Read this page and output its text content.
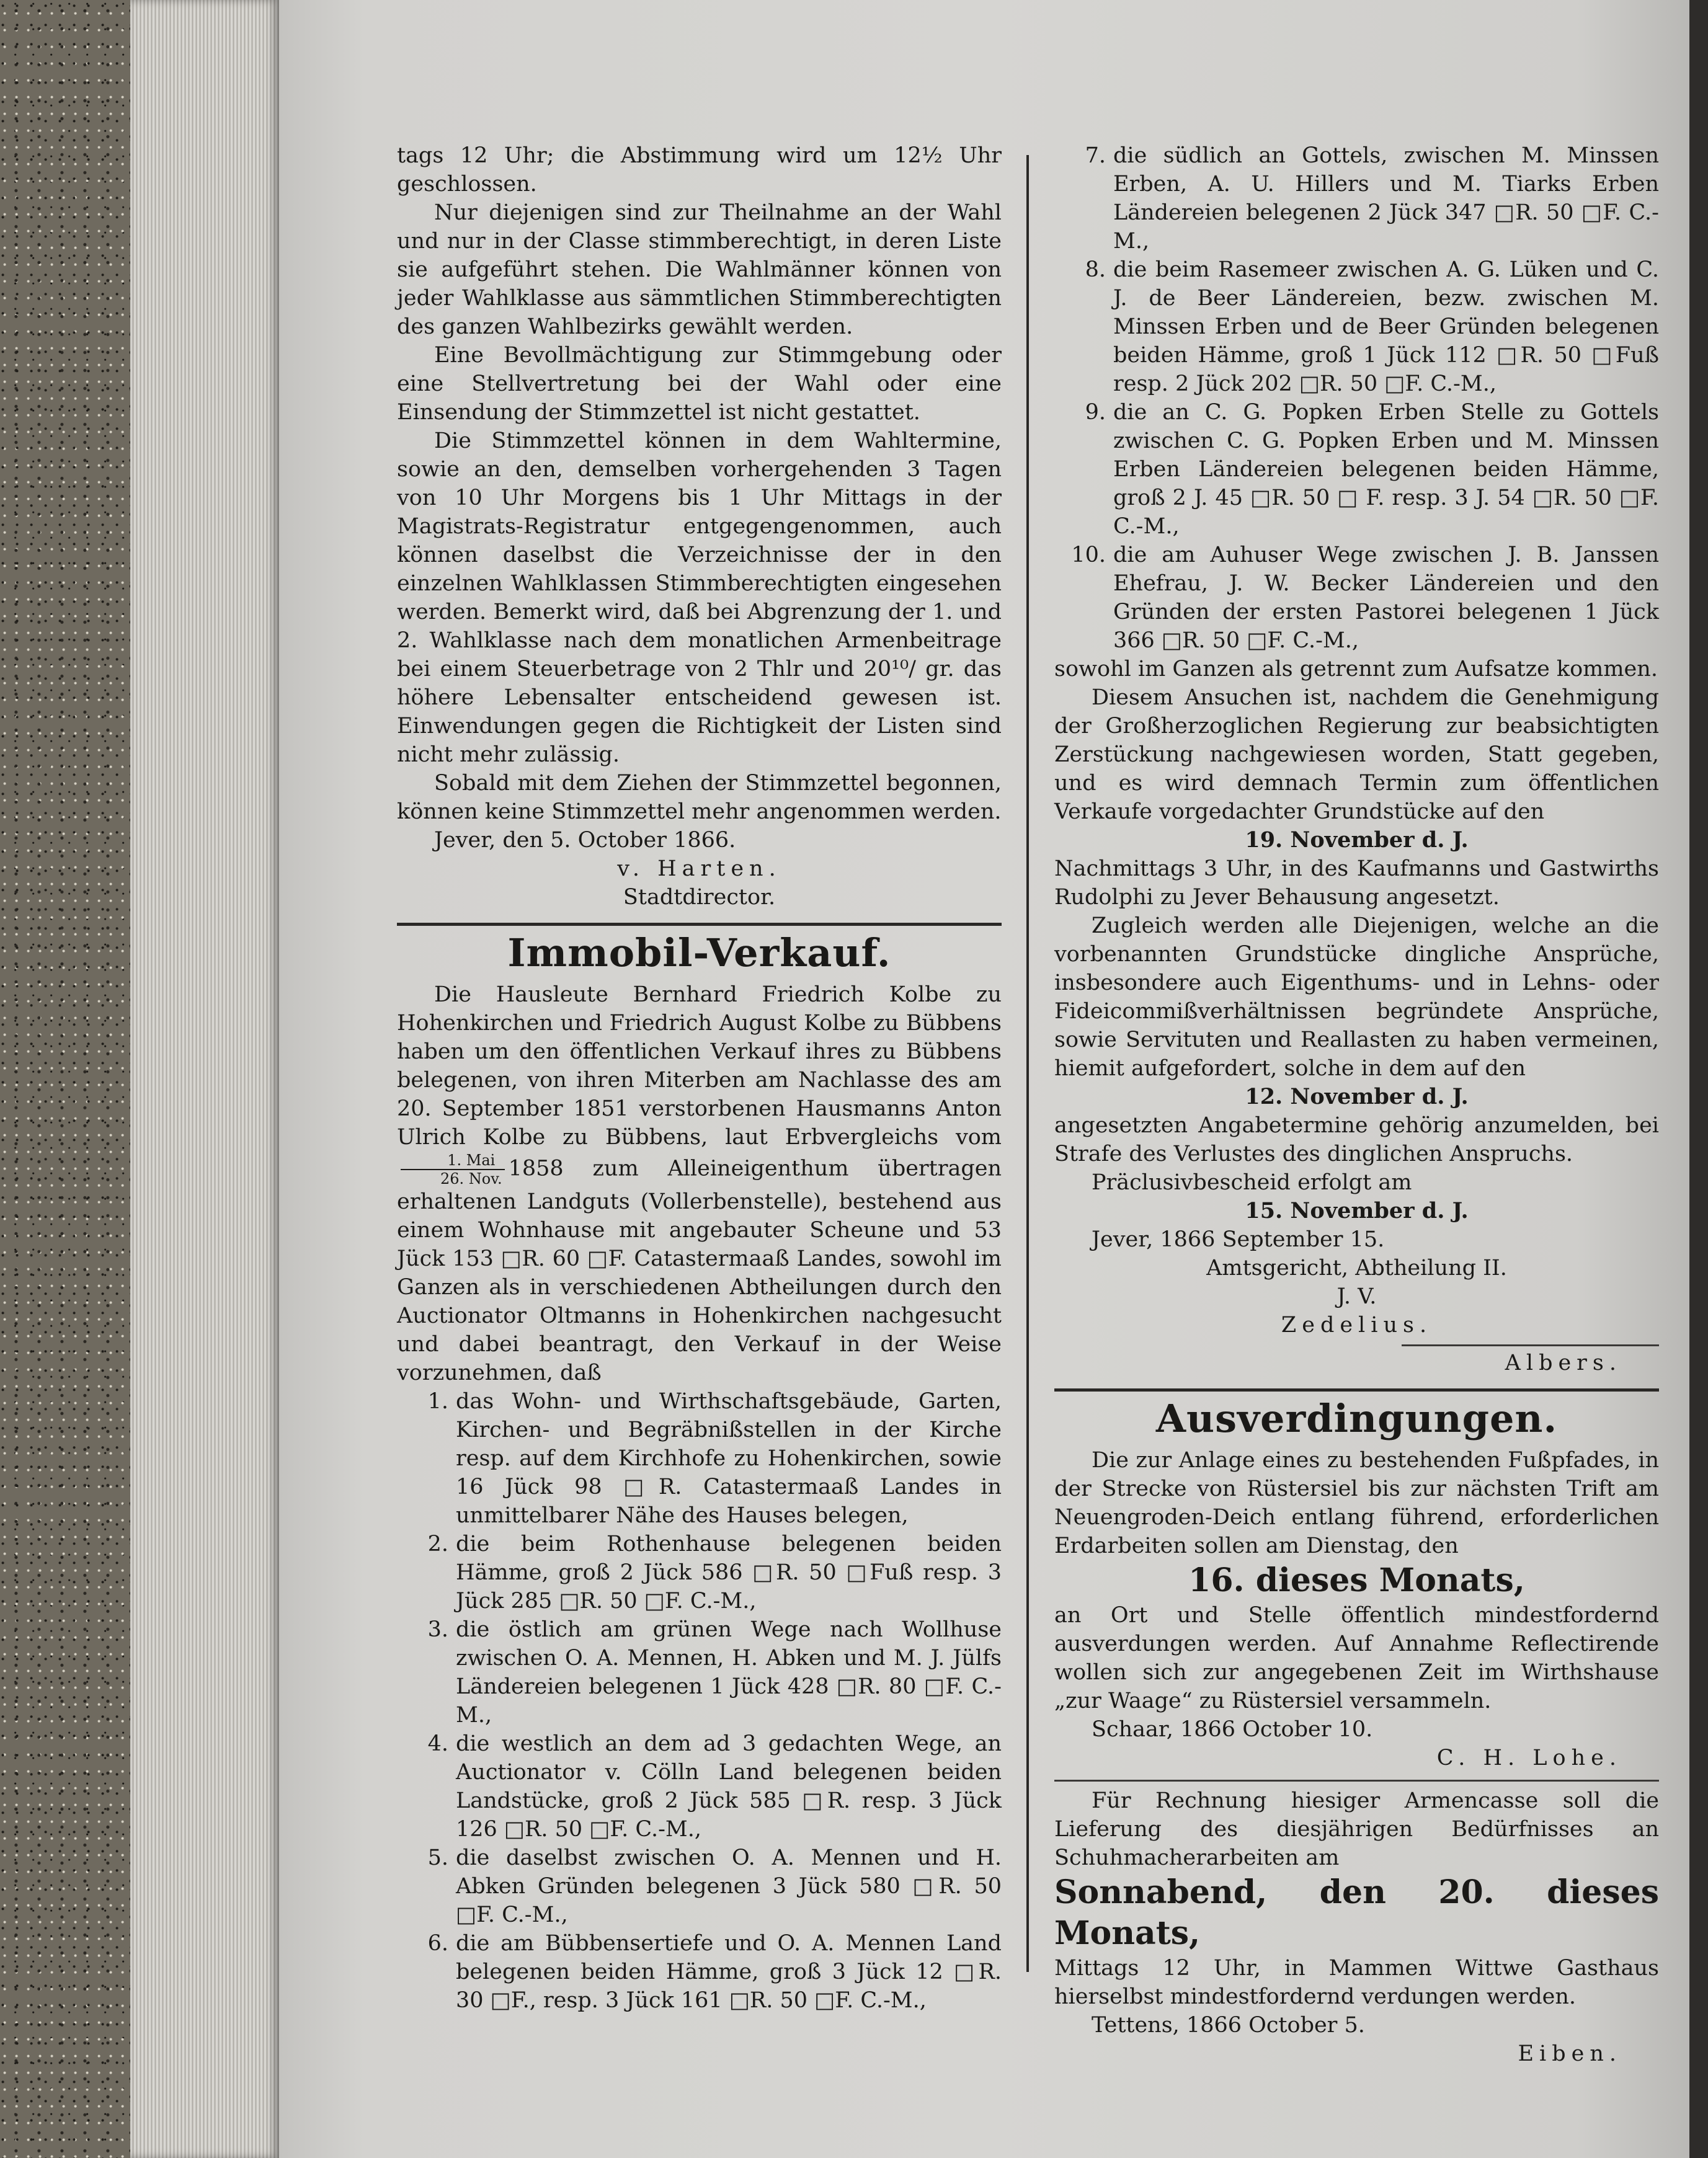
tags 12 Uhr; die Abstimmung wird um 12½ Uhr geschlossen.

Nur diejenigen sind zur Theilnahme an der Wahl und nur in der Classe stimmberechtigt, in deren Liste sie aufgeführt stehen. Die Wahlmänner können von jeder Wahlklasse aus sämmtlichen Stimmberechtigten des ganzen Wahlbezirks gewählt werden.

Eine Bevollmächtigung zur Stimmgebung oder eine Stellvertretung bei der Wahl oder eine Einsendung der Stimmzettel ist nicht gestattet.

Die Stimmzettel können in dem Wahltermine, sowie an den, demselben vorhergehenden 3 Tagen von 10 Uhr Morgens bis 1 Uhr Mittags in der Magistrats-Registratur entgegengenommen, auch können daselbst die Verzeichnisse der in den einzelnen Wahlklassen Stimmberechtigten eingesehen werden. Bemerkt wird, daß bei Abgrenzung der 1. und 2. Wahlklasse nach dem monatlichen Armenbeitrage bei einem Steuerbetrage von 2 Thlr und 20¹⁰/ gr. das höhere Lebensalter entscheidend gewesen ist. Einwendungen gegen die Richtigkeit der Listen sind nicht mehr zulässig.

Sobald mit dem Ziehen der Stimmzettel begonnen, können keine Stimmzettel mehr angenommen werden.

Jever, den 5. October 1866.

v. Harten.

Stadtdirector.

Immobil-Verkauf.

Die Hausleute Bernhard Friedrich Kolbe zu Hohenkirchen und Friedrich August Kolbe zu Bübbens haben um den öffentlichen Verkauf ihres zu Bübbens belegenen, von ihren Miterben am Nachlasse des am 20. September 1851 verstorbenen Hausmanns Anton Ulrich Kolbe zu Bübbens, laut Erbvergleichs vom
$\frac{\text{1. Mai}}{\text{26. Nov.}} 1858$ zum Alleineigenthum übertragen erhaltenen Landguts (Vollerbenstelle), bestehend aus einem Wohnhause mit angebauter Scheune und 53 Jück 153 □R. 60 □F. Catastermaaß Landes, sowohl im Ganzen als in verschiedenen Abtheilungen durch den Auctionator Oltmanns in Hohenkirchen nachgesucht und dabei beantragt, den Verkauf in der Weise vorzunehmen, daß

1. das Wohn- und Wirthschaftsgebäude, Garten, Kirchen- und Begräbnißstellen in der Kirche resp. auf dem Kirchhofe zu Hohenkirchen, sowie 16 Jück 98 □R. Catastermaaß Landes in unmittelbarer Nähe des Hauses belegen,
2. die beim Rothenhause belegenen beiden Hämme, groß 2 Jück 586 □R. 50 □Fuß resp. 3 Jück 285 □R. 50 □F. C.-M.,
3. die östlich am grünen Wege nach Wollhuse zwischen O. A. Mennen, H. Abken und M. J. Jülfs Ländereien belegenen 1 Jück 428 □R. 80 □F. C.-M.,
4. die westlich an dem ad 3 gedachten Wege, an Auctionator v. Cölln Land belegenen beiden Landstücke, groß 2 Jück 585 □R. resp. 3 Jück 126 □R. 50 □F. C.-M.,
5. die daselbst zwischen O. A. Mennen und H. Abken Gründen belegenen 3 Jück 580 □R. 50 □F. C.-M.,
6. die am Bübbensertiefe und O. A. Mennen Land belegenen beiden Hämme, groß 3 Jück 12 □R. 30 □F., resp. 3 Jück 161 □R. 50 □F. C.-M.,
7. die südlich an Gottels, zwischen M. Minssen Erben, A. U. Hillers und M. Tiarks Erben Ländereien belegenen 2 Jück 347 □R. 50 □F. C.-M.,
8. die beim Rasemeer zwischen A. G. Lüken und C. J. de Beer Ländereien, bezw. zwischen M. Minssen Erben und de Beer Gründen belegenen beiden Hämme, groß 1 Jück 112 □R. 50 □Fuß resp. 2 Jück 202 □R. 50 □F. C.-M.,
9. die an C. G. Popken Erben Stelle zu Gottels zwischen C. G. Popken Erben und M. Minssen Erben Ländereien belegenen beiden Hämme, groß 2 J. 45 □R. 50 □ F. resp. 3 J. 54 □R. 50 □F. C.-M.,
10. die am Auhuser Wege zwischen J. B. Janssen Ehefrau, J. W. Becker Ländereien und den Gründen der ersten Pastorei belegenen 1 Jück 366 □R. 50 □F. C.-M.,

sowohl im Ganzen als getrennt zum Aufsatze kommen.

Diesem Ansuchen ist, nachdem die Genehmigung der Großherzoglichen Regierung zur beabsichtigten Zerstückung nachgewiesen worden, Statt gegeben, und es wird demnach Termin zum öffentlichen Verkaufe vorgedachter Grundstücke auf den

19. November d. J.

Nachmittags 3 Uhr, in des Kaufmanns und Gastwirths Rudolphi zu Jever Behausung angesetzt.

Zugleich werden alle Diejenigen, welche an die vorbenannten Grundstücke dingliche Ansprüche, insbesondere auch Eigenthums- und in Lehns- oder Fideicommißverhältnissen begründete Ansprüche, sowie Servituten und Reallasten zu haben vermeinen, hiemit aufgefordert, solche in dem auf den

12. November d. J.

angesetzten Angabetermine gehörig anzumelden, bei Strafe des Verlustes des dinglichen Anspruchs.

Präclusivbescheid erfolgt am

15. November d. J.

Jever, 1866 September 15.

Amtsgericht, Abtheilung II.

J. V.

Zedelius.

Albers.

Ausverdingungen.

Die zur Anlage eines zu bestehenden Fußpfades, in der Strecke von Rüstersiel bis zur nächsten Trift am Neuengroden-Deich entlang führend, erforderlichen Erdarbeiten sollen am Dienstag, den

16. dieses Monats,

an Ort und Stelle öffentlich mindestfordernd ausverdungen werden. Auf Annahme Reflectirende wollen sich zur angegebenen Zeit im Wirthshause „zur Waage“ zu Rüstersiel versammeln.

Schaar, 1866 October 10.

C. H. Lohe.

Für Rechnung hiesiger Armencasse soll die Lieferung des diesjährigen Bedürfnisses an Schuhmacherarbeiten am

Sonnabend, den 20. dieses Monats,

Mittags 12 Uhr, in Mammen Wittwe Gasthaus hierselbst mindestfordernd verdungen werden.

Tettens, 1866 October 5.

Eiben.
